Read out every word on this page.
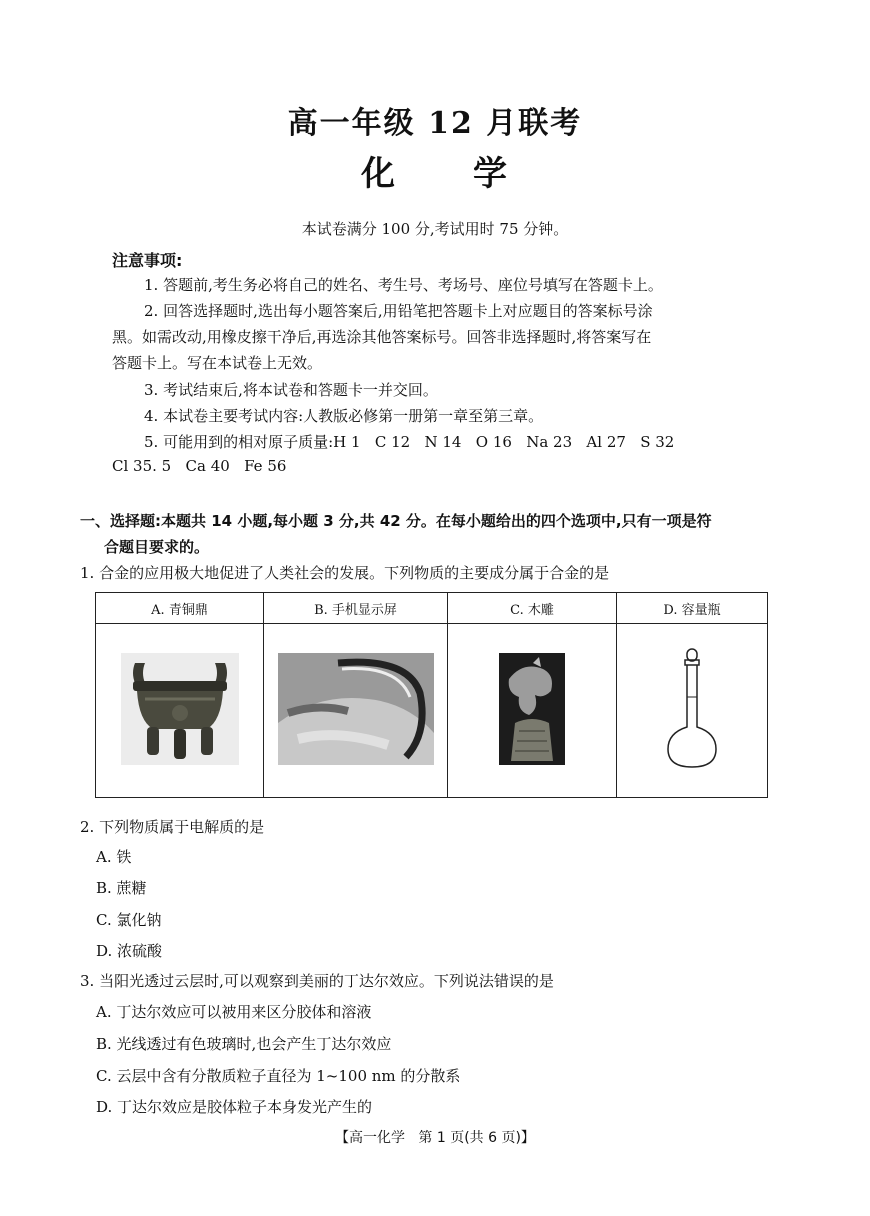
高一年级 12 月联考
化 学
本试卷满分 100 分,考试用时 75 分钟。
注意事项:
1. 答题前,考生务必将自己的姓名、考生号、考场号、座位号填写在答题卡上。
2. 回答选择题时,选出每小题答案后,用铅笔把答题卡上对应题目的答案标号涂
黑。如需改动,用橡皮擦干净后,再选涂其他答案标号。回答非选择题时,将答案写在
答题卡上。写在本试卷上无效。
3. 考试结束后,将本试卷和答题卡一并交回。
4. 本试卷主要考试内容:人教版必修第一册第一章至第三章。
5. 可能用到的相对原子质量:H 1   C 12   N 14   O 16   Na 23   Al 27   S 32
Cl 35. 5   Ca 40   Fe 56
一、选择题:本题共 14 小题,每小题 3 分,共 42 分。在每小题给出的四个选项中,只有一项是符
合题目要求的。
1. 合金的应用极大地促进了人类社会的发展。下列物质的主要成分属于合金的是
A. 青铜鼎	B. 手机显示屏	C. 木雕	D. 容量瓶

2. 下列物质属于电解质的是
A. 铁
B. 蔗糖
C. 氯化钠
D. 浓硫酸
3. 当阳光透过云层时,可以观察到美丽的丁达尔效应。下列说法错误的是
A. 丁达尔效应可以被用来区分胶体和溶液
B. 光线透过有色玻璃时,也会产生丁达尔效应
C. 云层中含有分散质粒子直径为 1~100 nm 的分散系
D. 丁达尔效应是胶体粒子本身发光产生的
【高一化学   第 1 页(共 6 页)】
